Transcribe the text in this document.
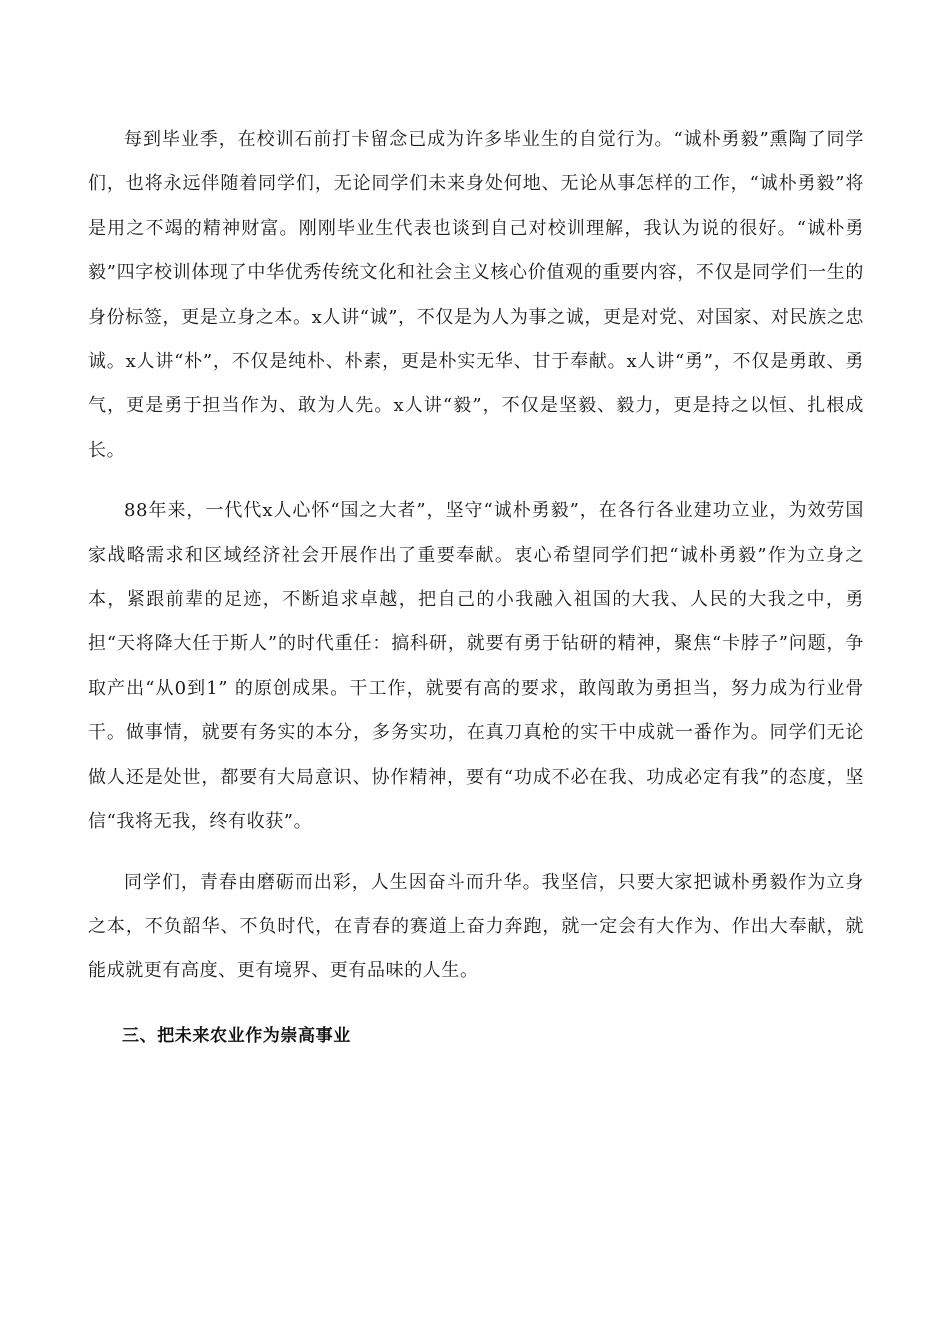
每到毕业季，在校训石前打卡留念已成为许多毕业生的自觉行为。“诚朴勇毅”熏陶了同学们，也将永远伴随着同学们，无论同学们未来身处何地、无论从事怎样的工作，“诚朴勇毅”将是用之不竭的精神财富。刚刚毕业生代表也谈到自己对校训理解，我认为说的很好。“诚朴勇毅”四字校训体现了中华优秀传统文化和社会主义核心价值观的重要内容，不仅是同学们一生的身份标签，更是立身之本。x人讲“诚”，不仅是为人为事之诚，更是对党、对国家、对民族之忠诚。x人讲“朴”，不仅是纯朴、朴素，更是朴实无华、甘于奉献。x人讲“勇”，不仅是勇敢、勇气，更是勇于担当作为、敢为人先。x人讲“毅”，不仅是坚毅、毅力，更是持之以恒、扎根成长。

88年来，一代代x人心怀“国之大者”，坚守“诚朴勇毅”，在各行各业建功立业，为效劳国家战略需求和区域经济社会开展作出了重要奉献。衷心希望同学们把“诚朴勇毅”作为立身之本，紧跟前辈的足迹，不断追求卓越，把自己的小我融入祖国的大我、人民的大我之中，勇担“天将降大任于斯人”的时代重任：搞科研，就要有勇于钻研的精神，聚焦“卡脖子”问题，争取产出“从0到1” 的原创成果。干工作，就要有高的要求，敢闯敢为勇担当，努力成为行业骨干。做事情，就要有务实的本分，多务实功，在真刀真枪的实干中成就一番作为。同学们无论做人还是处世，都要有大局意识、协作精神，要有“功成不必在我、功成必定有我”的态度，坚信“我将无我，终有收获”。

同学们，青春由磨砺而出彩，人生因奋斗而升华。我坚信，只要大家把诚朴勇毅作为立身之本，不负韶华、不负时代，在青春的赛道上奋力奔跑，就一定会有大作为、作出大奉献，就能成就更有高度、更有境界、更有品味的人生。

三、把未来农业作为崇高事业
